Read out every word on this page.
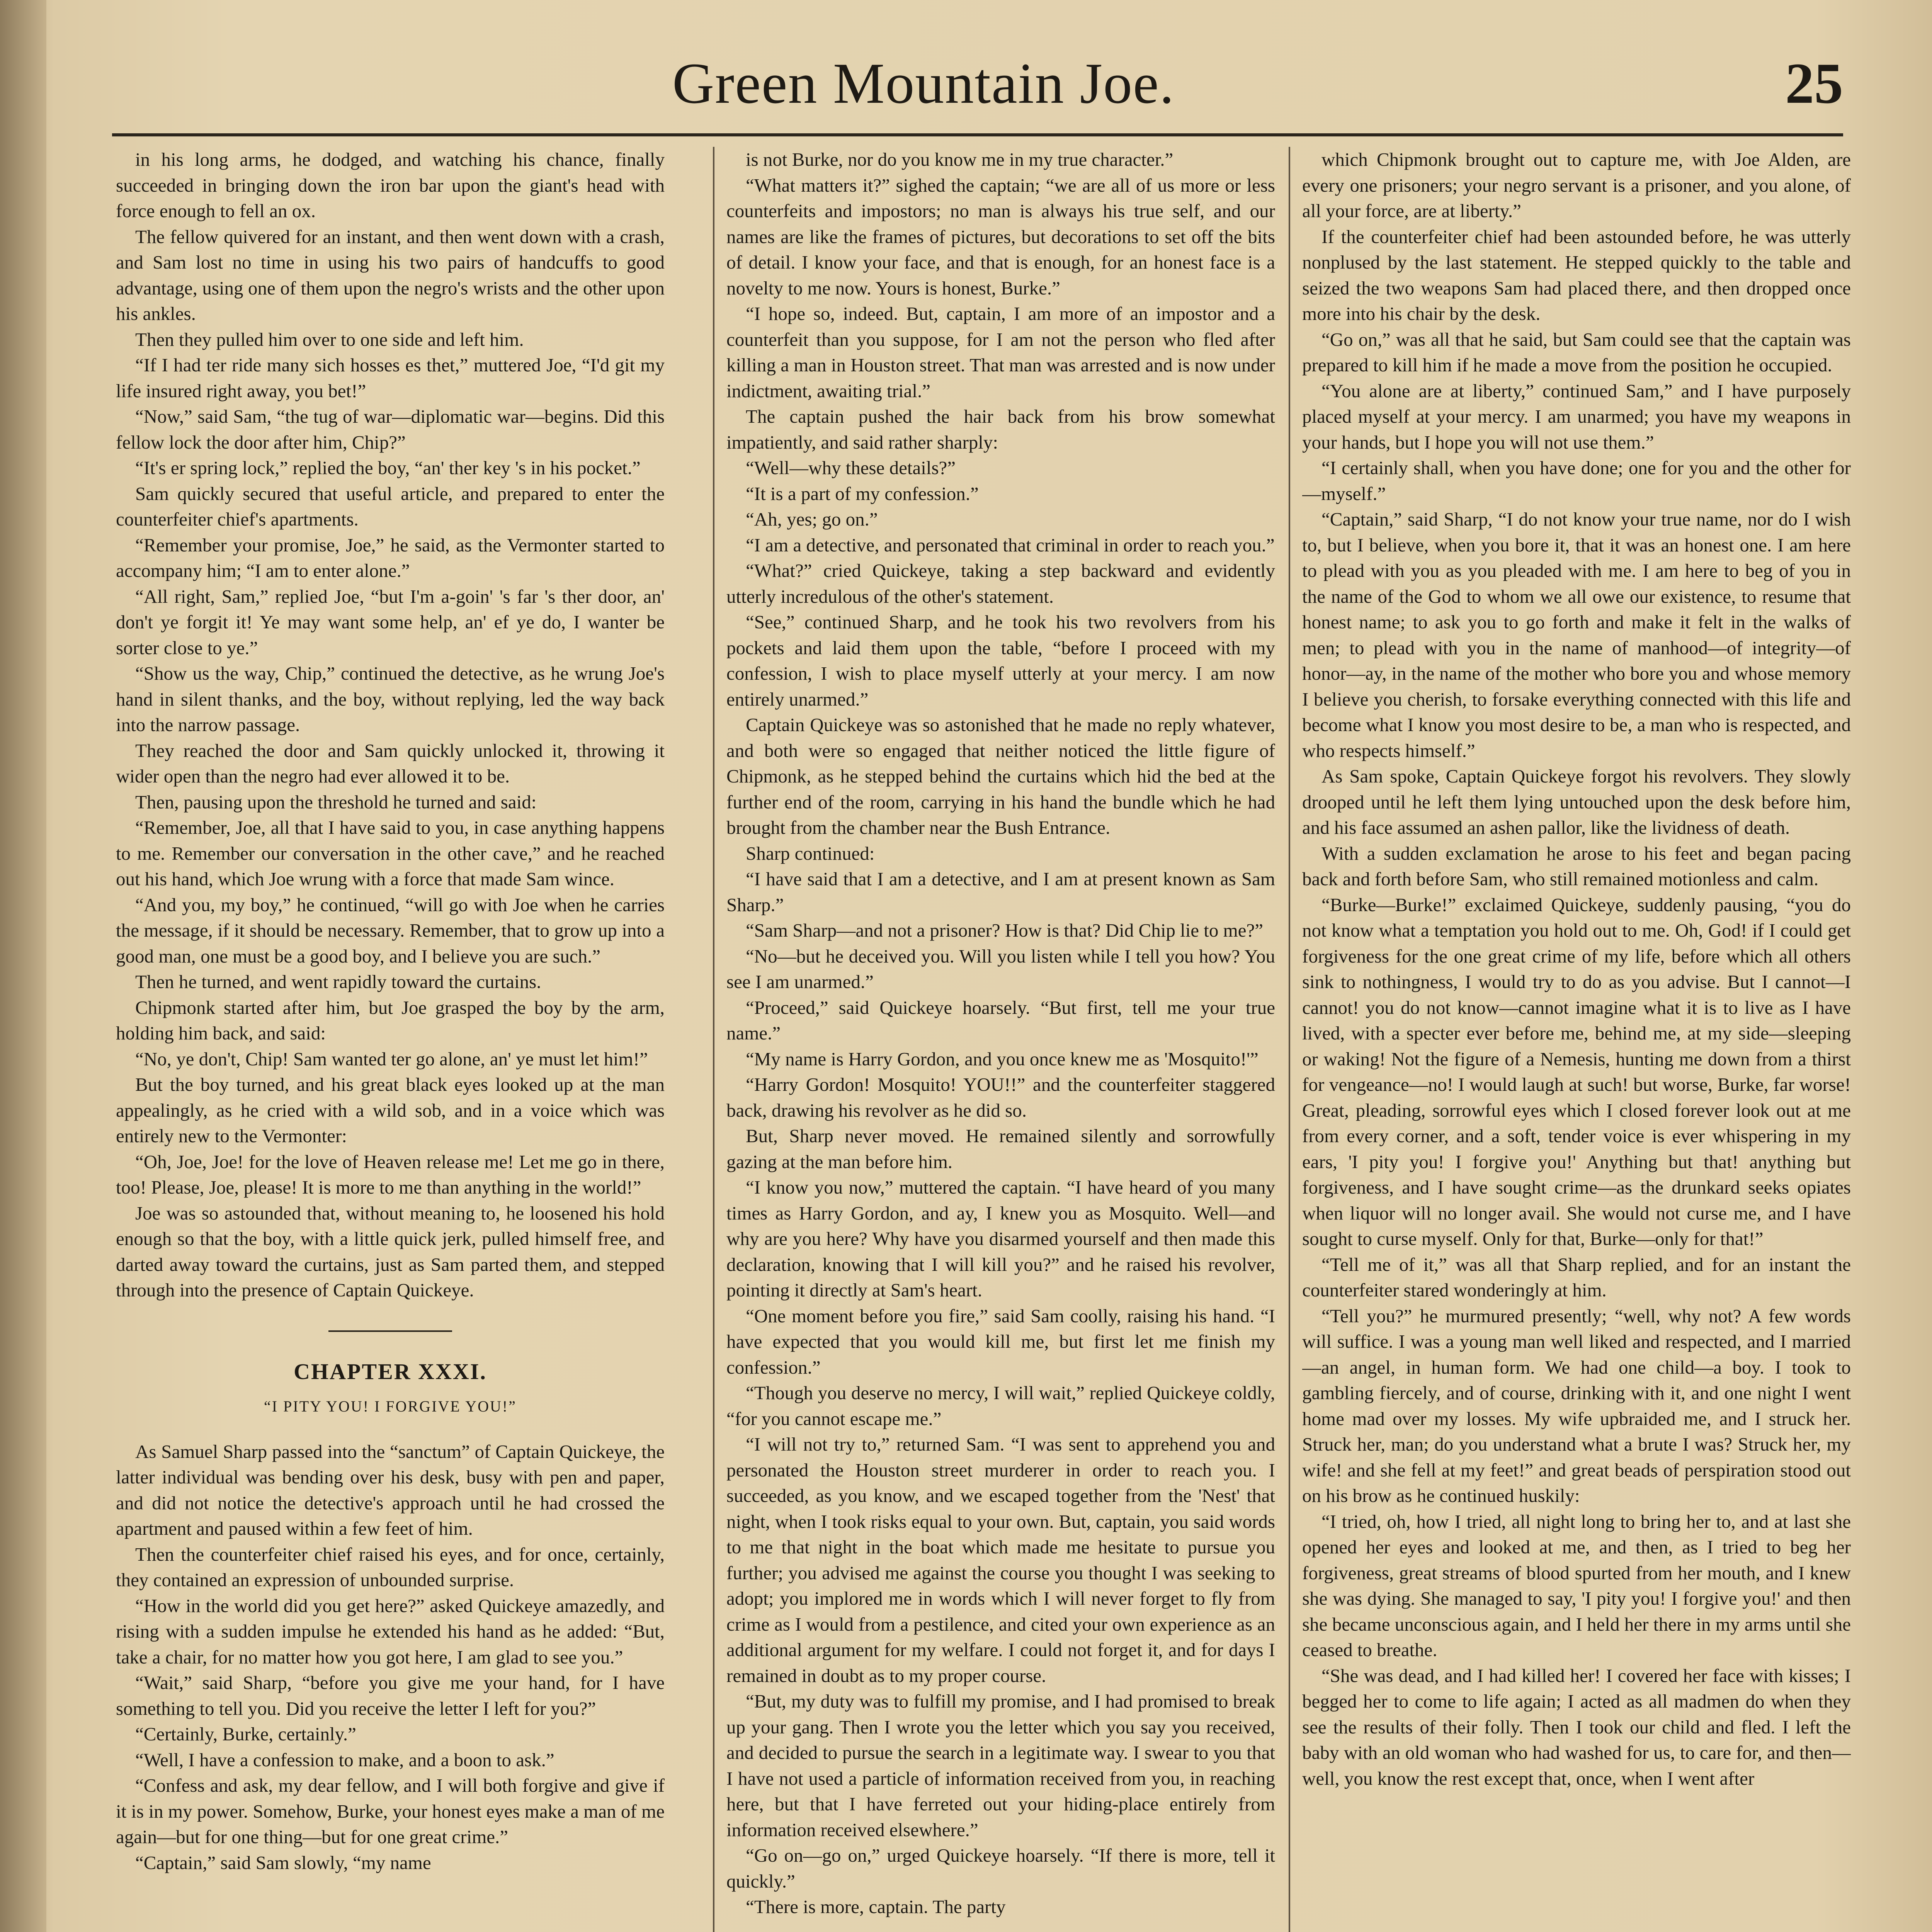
Green Mountain Joe.	25

in his long arms, he dodged, and watching his chance, finally succeeded in bringing down the iron bar upon the giant's head with force enough to fell an ox.

The fellow quivered for an instant, and then went down with a crash, and Sam lost no time in using his two pairs of handcuffs to good advantage, using one of them upon the negro's wrists and the other upon his ankles.

Then they pulled him over to one side and left him.

“If I had ter ride many sich hosses es thet,” muttered Joe, “I'd git my life insured right away, you bet!”

“Now,” said Sam, “the tug of war—diplomatic war—begins. Did this fellow lock the door after him, Chip?”

“It's er spring lock,” replied the boy, “an' ther key 's in his pocket.”

Sam quickly secured that useful article, and prepared to enter the counterfeiter chief's apartments.

“Remember your promise, Joe,” he said, as the Vermonter started to accompany him; “I am to enter alone.”

“All right, Sam,” replied Joe, “but I'm a-goin' 's far 's ther door, an' don't ye forgit it! Ye may want some help, an' ef ye do, I wanter be sorter close to ye.”

“Show us the way, Chip,” continued the detective, as he wrung Joe's hand in silent thanks, and the boy, without replying, led the way back into the narrow passage.

They reached the door and Sam quickly unlocked it, throwing it wider open than the negro had ever allowed it to be.

Then, pausing upon the threshold he turned and said:

“Remember, Joe, all that I have said to you, in case anything happens to me. Remember our conversation in the other cave,” and he reached out his hand, which Joe wrung with a force that made Sam wince.

“And you, my boy,” he continued, “will go with Joe when he carries the message, if it should be necessary. Remember, that to grow up into a good man, one must be a good boy, and I believe you are such.”

Then he turned, and went rapidly toward the curtains.

Chipmonk started after him, but Joe grasped the boy by the arm, holding him back, and said:

“No, ye don't, Chip! Sam wanted ter go alone, an' ye must let him!”

But the boy turned, and his great black eyes looked up at the man appealingly, as he cried with a wild sob, and in a voice which was entirely new to the Vermonter:

“Oh, Joe, Joe! for the love of Heaven release me! Let me go in there, too! Please, Joe, please! It is more to me than anything in the world!”

Joe was so astounded that, without meaning to, he loosened his hold enough so that the boy, with a little quick jerk, pulled himself free, and darted away toward the curtains, just as Sam parted them, and stepped through into the presence of Captain Quickeye.

CHAPTER XXXI.
“I PITY YOU! I FORGIVE YOU!”

As Samuel Sharp passed into the “sanctum” of Captain Quickeye, the latter individual was bending over his desk, busy with pen and paper, and did not notice the detective's approach until he had crossed the apartment and paused within a few feet of him.

Then the counterfeiter chief raised his eyes, and for once, certainly, they contained an expression of unbounded surprise.

“How in the world did you get here?” asked Quickeye amazedly, and rising with a sudden impulse he extended his hand as he added: “But, take a chair, for no matter how you got here, I am glad to see you.”

“Wait,” said Sharp, “before you give me your hand, for I have something to tell you. Did you receive the letter I left for you?”

“Certainly, Burke, certainly.”

“Well, I have a confession to make, and a boon to ask.”

“Confess and ask, my dear fellow, and I will both forgive and give if it is in my power. Somehow, Burke, your honest eyes make a man of me again—but for one thing—but for one great crime.”

“Captain,” said Sam slowly, “my name

is not Burke, nor do you know me in my true character.”

“What matters it?” sighed the captain; “we are all of us more or less counterfeits and impostors; no man is always his true self, and our names are like the frames of pictures, but decorations to set off the bits of detail. I know your face, and that is enough, for an honest face is a novelty to me now. Yours is honest, Burke.”

“I hope so, indeed. But, captain, I am more of an impostor and a counterfeit than you suppose, for I am not the person who fled after killing a man in Houston street. That man was arrested and is now under indictment, awaiting trial.”

The captain pushed the hair back from his brow somewhat impatiently, and said rather sharply:

“Well—why these details?”

“It is a part of my confession.”

“Ah, yes; go on.”

“I am a detective, and personated that criminal in order to reach you.”

“What?” cried Quickeye, taking a step backward and evidently utterly incredulous of the other's statement.

“See,” continued Sharp, and he took his two revolvers from his pockets and laid them upon the table, “before I proceed with my confession, I wish to place myself utterly at your mercy. I am now entirely unarmed.”

Captain Quickeye was so astonished that he made no reply whatever, and both were so engaged that neither noticed the little figure of Chipmonk, as he stepped behind the curtains which hid the bed at the further end of the room, carrying in his hand the bundle which he had brought from the chamber near the Bush Entrance.

Sharp continued:

“I have said that I am a detective, and I am at present known as Sam Sharp.”

“Sam Sharp—and not a prisoner? How is that? Did Chip lie to me?”

“No—but he deceived you. Will you listen while I tell you how? You see I am unarmed.”

“Proceed,” said Quickeye hoarsely. “But first, tell me your true name.”

“My name is Harry Gordon, and you once knew me as 'Mosquito!'”

“Harry Gordon! Mosquito! YOU!!” and the counterfeiter staggered back, drawing his revolver as he did so.

But, Sharp never moved. He remained silently and sorrowfully gazing at the man before him.

“I know you now,” muttered the captain. “I have heard of you many times as Harry Gordon, and ay, I knew you as Mosquito. Well—and why are you here? Why have you disarmed yourself and then made this declaration, knowing that I will kill you?” and he raised his revolver, pointing it directly at Sam's heart.

“One moment before you fire,” said Sam coolly, raising his hand. “I have expected that you would kill me, but first let me finish my confession.”

“Though you deserve no mercy, I will wait,” replied Quickeye coldly, “for you cannot escape me.”

“I will not try to,” returned Sam. “I was sent to apprehend you and personated the Houston street murderer in order to reach you. I succeeded, as you know, and we escaped together from the 'Nest' that night, when I took risks equal to your own. But, captain, you said words to me that night in the boat which made me hesitate to pursue you further; you advised me against the course you thought I was seeking to adopt; you implored me in words which I will never forget to fly from crime as I would from a pestilence, and cited your own experience as an additional argument for my welfare. I could not forget it, and for days I remained in doubt as to my proper course.

“But, my duty was to fulfill my promise, and I had promised to break up your gang. Then I wrote you the letter which you say you received, and decided to pursue the search in a legitimate way. I swear to you that I have not used a particle of information received from you, in reaching here, but that I have ferreted out your hiding-place entirely from information received elsewhere.”

“Go on—go on,” urged Quickeye hoarsely. “If there is more, tell it quickly.”

“There is more, captain. The party

which Chipmonk brought out to capture me, with Joe Alden, are every one prisoners; your negro servant is a prisoner, and you alone, of all your force, are at liberty.”

If the counterfeiter chief had been astounded before, he was utterly nonplused by the last statement. He stepped quickly to the table and seized the two weapons Sam had placed there, and then dropped once more into his chair by the desk.

“Go on,” was all that he said, but Sam could see that the captain was prepared to kill him if he made a move from the position he occupied.

“You alone are at liberty,” continued Sam,” and I have purposely placed myself at your mercy. I am unarmed; you have my weapons in your hands, but I hope you will not use them.”

“I certainly shall, when you have done; one for you and the other for—myself.”

“Captain,” said Sharp, “I do not know your true name, nor do I wish to, but I believe, when you bore it, that it was an honest one. I am here to plead with you as you pleaded with me. I am here to beg of you in the name of the God to whom we all owe our existence, to resume that honest name; to ask you to go forth and make it felt in the walks of men; to plead with you in the name of manhood—of integrity—of honor—ay, in the name of the mother who bore you and whose memory I believe you cherish, to forsake everything connected with this life and become what I know you most desire to be, a man who is respected, and who respects himself.”

As Sam spoke, Captain Quickeye forgot his revolvers. They slowly drooped until he left them lying untouched upon the desk before him, and his face assumed an ashen pallor, like the lividness of death.

With a sudden exclamation he arose to his feet and began pacing back and forth before Sam, who still remained motionless and calm.

“Burke—Burke!” exclaimed Quickeye, suddenly pausing, “you do not know what a temptation you hold out to me. Oh, God! if I could get forgiveness for the one great crime of my life, before which all others sink to nothingness, I would try to do as you advise. But I cannot—I cannot! you do not know—cannot imagine what it is to live as I have lived, with a specter ever before me, behind me, at my side—sleeping or waking! Not the figure of a Nemesis, hunting me down from a thirst for vengeance—no! I would laugh at such! but worse, Burke, far worse! Great, pleading, sorrowful eyes which I closed forever look out at me from every corner, and a soft, tender voice is ever whispering in my ears, 'I pity you! I forgive you!' Anything but that! anything but forgiveness, and I have sought crime—as the drunkard seeks opiates when liquor will no longer avail. She would not curse me, and I have sought to curse myself. Only for that, Burke—only for that!”

“Tell me of it,” was all that Sharp replied, and for an instant the counterfeiter stared wonderingly at him.

“Tell you?” he murmured presently; “well, why not? A few words will suffice. I was a young man well liked and respected, and I married—an angel, in human form. We had one child—a boy. I took to gambling fiercely, and of course, drinking with it, and one night I went home mad over my losses. My wife upbraided me, and I struck her. Struck her, man; do you understand what a brute I was? Struck her, my wife! and she fell at my feet!” and great beads of perspiration stood out on his brow as he continued huskily:

“I tried, oh, how I tried, all night long to bring her to, and at last she opened her eyes and looked at me, and then, as I tried to beg her forgiveness, great streams of blood spurted from her mouth, and I knew she was dying. She managed to say, 'I pity you! I forgive you!' and then she became unconscious again, and I held her there in my arms until she ceased to breathe.

“She was dead, and I had killed her! I covered her face with kisses; I begged her to come to life again; I acted as all madmen do when they see the results of their folly. Then I took our child and fled. I left the baby with an old woman who had washed for us, to care for, and then—well, you know the rest except that, once, when I went after
